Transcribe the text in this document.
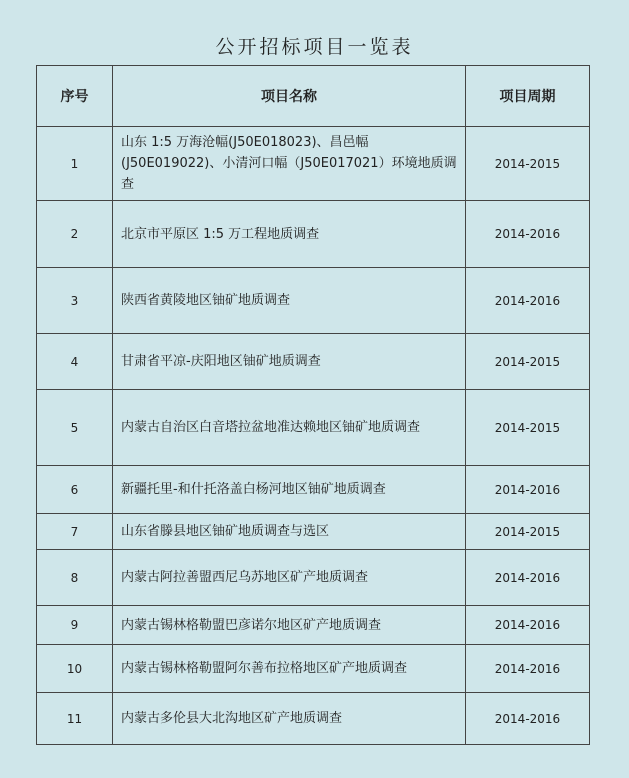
公开招标项目一览表
序号	项目名称	项目周期
1	山东 1:5 万海沧幅(J50E018023)、昌邑幅(J50E019022)、小清河口幅（J50E017021）环境地质调查	2014-2015
2	北京市平原区 1:5 万工程地质调查	2014-2016
3	陕西省黄陵地区铀矿地质调查	2014-2016
4	甘肃省平凉-庆阳地区铀矿地质调查	2014-2015
5	内蒙古自治区白音塔拉盆地准达赖地区铀矿地质调查	2014-2015
6	新疆托里-和什托洛盖白杨河地区铀矿地质调查	2014-2016
7	山东省滕县地区铀矿地质调查与选区	2014-2015
8	内蒙古阿拉善盟西尼乌苏地区矿产地质调查	2014-2016
9	内蒙古锡林格勒盟巴彦诺尔地区矿产地质调查	2014-2016
10	内蒙古锡林格勒盟阿尔善布拉格地区矿产地质调查	2014-2016
11	内蒙古多伦县大北沟地区矿产地质调查	2014-2016
